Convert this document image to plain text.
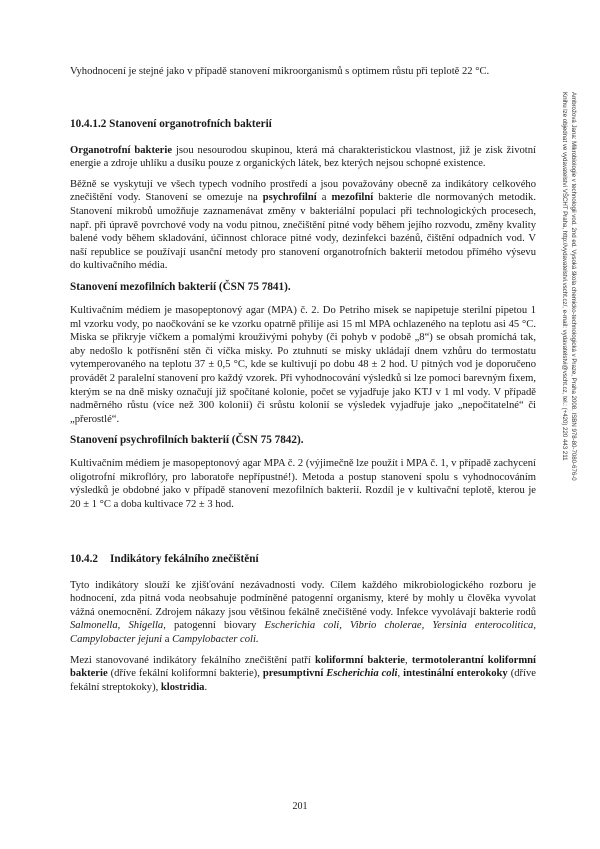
Vyhodnocení je stejné jako v případě stanovení mikroorganismů s optimem růstu při teplotě 22 °C.

10.4.1.2 Stanovení organotrofních bakterií

Organotrofní bakterie jsou nesourodou skupinou, která má charakteristickou vlastnost, již je zisk životní energie a zdroje uhlíku a dusíku pouze z organických látek, bez kterých nejsou schopné existence.

Běžně se vyskytují ve všech typech vodního prostředí a jsou považovány obecně za indikátory celkového znečištění vody. Stanovení se omezuje na psychrofilní a mezofilní bakterie dle normovaných metodik. Stanovení mikrobů umožňuje zaznamenávat změny v bakteriální populaci při technologických procesech, např. při úpravě povrchové vody na vodu pitnou, znečištění pitné vody během jejího rozvodu, změny kvality balené vody během skladování, účinnost chlorace pitné vody, dezinfekci bazénů, čištění odpadních vod. V naší republice se používají usanční metody pro stanovení organotrofních bakterií metodou přímého výsevu do kultivačního média.

Stanovení mezofilních bakterií (ČSN 75 7841).

Kultivačním médiem je masopeptonový agar (MPA) č. 2. Do Petriho misek se napipetuje sterilní pipetou 1 ml vzorku vody, po naočkování se ke vzorku opatrně přilije asi 15 ml MPA ochlazeného na teplotu asi 45 °C. Miska se přikryje víčkem a pomalými krouživými pohyby (či pohyb v podobě „8“) se obsah promíchá tak, aby nedošlo k potřísnění stěn či víčka misky. Po ztuhnutí se misky ukládají dnem vzhůru do termostatu vytemperovaného na teplotu 37 ± 0,5 °C, kde se kultivují po dobu 48 ± 2 hod. U pitných vod je doporučeno provádět 2 paralelní stanovení pro každý vzorek. Při vyhodnocování výsledků si lze pomoci barevným fixem, kterým se na dně misky označují již spočítané kolonie, počet se vyjadřuje jako KTJ v 1 ml vody. V případě nadměrného růstu (více než 300 kolonií) či srůstu kolonií se výsledek vyjadřuje jako „nepočitatelné“ či „přerostlé“.

Stanovení psychrofilních bakterií (ČSN 75 7842).

Kultivačním médiem je masopeptonový agar MPA č. 2 (výjimečně lze použít i MPA č. 1, v případě zachycení oligotrofní mikroflóry, pro laboratoře nepřípustné!). Metoda a postup stanovení spolu s vyhodnocováním výsledků je obdobné jako v případě stanovení mezofilních bakterií. Rozdíl je v kultivační teplotě, kterou je 20 ± 1 °C a doba kultivace 72 ± 3 hod.

10.4.2 Indikátory fekálního znečištění

Tyto indikátory slouží ke zjišťování nezávadnosti vody. Cílem každého mikrobiologického rozboru je hodnocení, zda pitná voda neobsahuje podmíněné patogenní organismy, které by mohly u člověka vyvolat vážná onemocnění. Zdrojem nákazy jsou většinou fekálně znečištěné vody. Infekce vyvolávají bakterie rodů Salmonella, Shigella, patogenní biovary Escherichia coli, Vibrio cholerae, Yersinia enterocolitica, Campylobacter jejuni a Campylobacter coli.

Mezi stanovované indikátory fekálního znečištění patří koliformní bakterie, termotolerantní koliformní bakterie (dříve fekální koliformní bakterie), presumptivní Escherichia coli, intestinální enterokoky (dříve fekální streptokoky), klostridia.

Ambrožová Jana: Mikrobiologie v technologii vod. 2nd ed. Vysoká škola chemicko-technologická v Praze, Praha 2008. ISBN 978-80-7080-676-0
Knihu lze objednat ve vydavatelství VŠCHT Praha, http://vydavatelstvi.vscht.cz/, e-mail: vydavatelstvi@vscht.cz, tel.: (+420) 220 443 211
201
